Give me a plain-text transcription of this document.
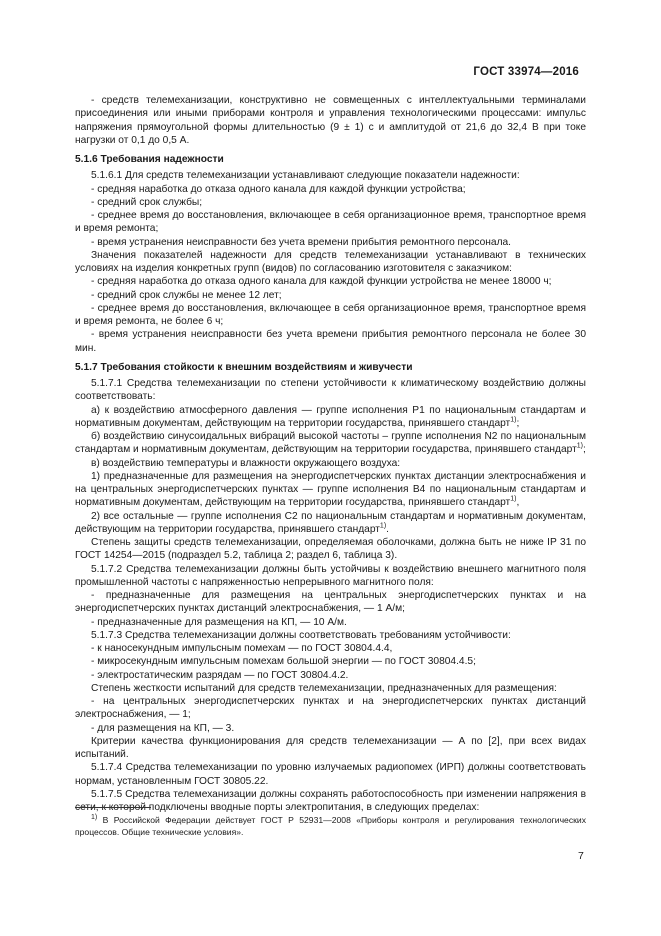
ГОСТ 33974—2016

- средств телемеханизации, конструктивно не совмещенных с интеллектуальными терминалами присоединения или иными приборами контроля и управления технологическими процессами: импульс напряжения прямоугольной формы длительностью (9 ± 1) с и амплитудой от 21,6 до 32,4 В при токе нагрузки от 0,1 до 0,5 А.

5.1.6 Требования надежности

5.1.6.1 Для средств телемеханизации устанавливают следующие показатели надежности:

- средняя наработка до отказа одного канала для каждой функции устройства;

- средний срок службы;

- среднее время до восстановления, включающее в себя организационное время, транспортное время и время ремонта;

- время устранения неисправности без учета времени прибытия ремонтного персонала.

Значения показателей надежности для средств телемеханизации устанавливают в технических условиях на изделия конкретных групп (видов) по согласованию изготовителя с заказчиком:

- средняя наработка до отказа одного канала для каждой функции устройства не менее 18000 ч;

- средний срок службы не менее 12 лет;

- среднее время до восстановления, включающее в себя организационное время, транспортное время и время ремонта, не более 6 ч;

- время устранения неисправности без учета времени прибытия ремонтного персонала не более 30 мин.

5.1.7 Требования стойкости к внешним воздействиям и живучести

5.1.7.1 Средства телемеханизации по степени устойчивости к климатическому воздействию должны соответствовать:

а) к воздействию атмосферного давления — группе исполнения Р1 по национальным стандартам и нормативным документам, действующим на территории государства, принявшего стандарт$^{1)}$;

б) воздействию синусоидальных вибраций высокой частоты – группе исполнения N2 по национальным стандартам и нормативным документам, действующим на территории государства, принявшего стандарт$^{1)}$;

в) воздействию температуры и влажности окружающего воздуха:

1) предназначенные для размещения на энергодиспетчерских пунктах дистанции электроснабжения и на центральных энергодиспетчерских пунктах — группе исполнения В4 по национальным стандартам и нормативным документам, действующим на территории государства, принявшего стандарт$^{1)}$,

2) все остальные — группе исполнения С2 по национальным стандартам и нормативным документам, действующим на территории государства, принявшего стандарт$^{1)}$.

Степень защиты средств телемеханизации, определяемая оболочками, должна быть не ниже IP 31 по ГОСТ 14254—2015 (подраздел 5.2, таблица 2; раздел 6, таблица 3).

5.1.7.2 Средства телемеханизации должны быть устойчивы к воздействию внешнего магнитного поля промышленной частоты с напряженностью непрерывного магнитного поля:

- предназначенные для размещения на центральных энергодиспетчерских пунктах и на энергодиспетчерских пунктах дистанций электроснабжения, — 1 А/м;

- предназначенные для размещения на КП, — 10 А/м.

5.1.7.3 Средства телемеханизации должны соответствовать требованиям устойчивости:

- к наносекундным импульсным помехам — по ГОСТ 30804.4.4,

- микросекундным импульсным помехам большой энергии — по ГОСТ 30804.4.5;

- электростатическим разрядам — по ГОСТ 30804.4.2.

Степень жесткости испытаний для средств телемеханизации, предназначенных для размещения:

- на центральных энергодиспетчерских пунктах и на энергодиспетчерских пунктах дистанций электроснабжения, — 1;

- для размещения на КП, — 3.

Критерии качества функционирования для средств телемеханизации — А по [2], при всех видах испытаний.

5.1.7.4 Средства телемеханизации по уровню излучаемых радиопомех (ИРП) должны соответствовать нормам, установленным ГОСТ 30805.22.

5.1.7.5 Средства телемеханизации должны сохранять работоспособность при изменении напряжения в сети, к которой подключены вводные порты электропитания, в следующих пределах:

$^{1)}$ В Российской Федерации действует ГОСТ Р 52931—2008 «Приборы контроля и регулирования технологических процессов. Общие технические условия».
7
